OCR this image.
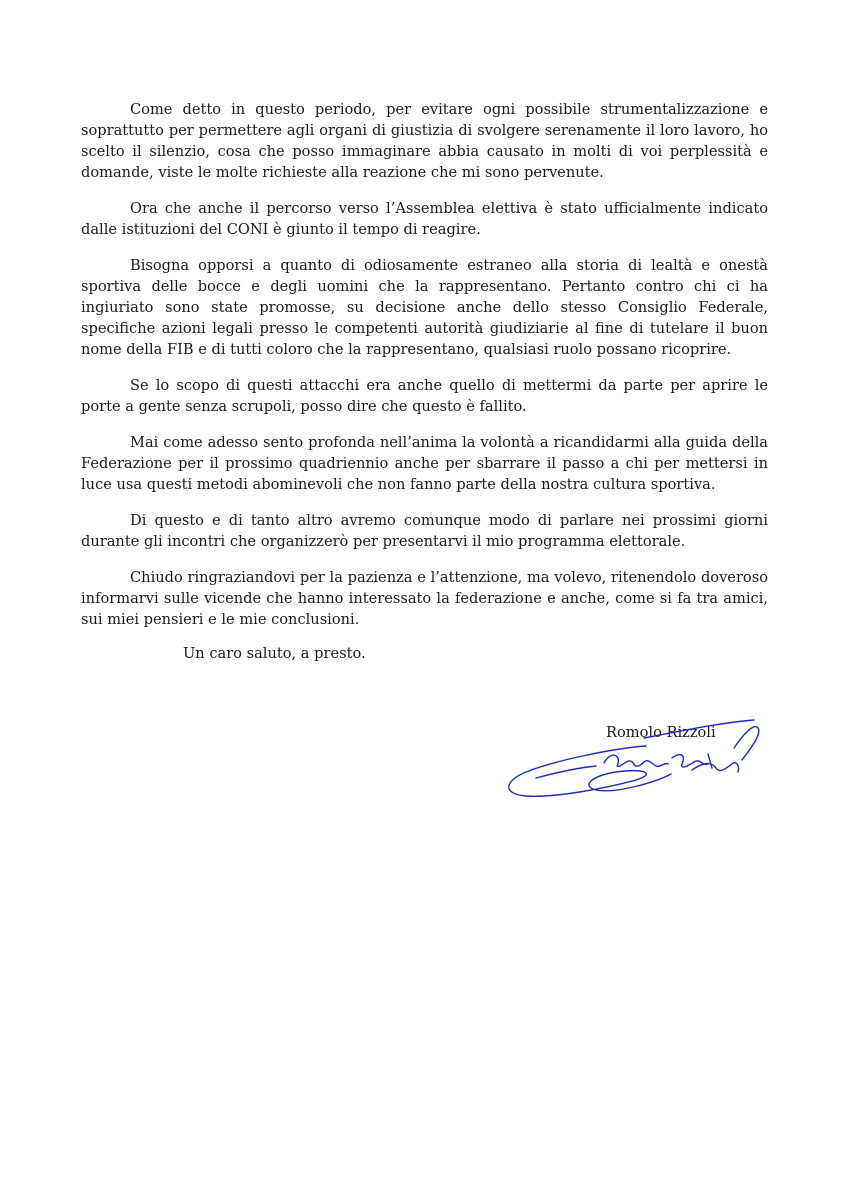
Come detto in questo periodo, per evitare ogni possibile strumentalizzazione e soprattutto per permettere agli organi di giustizia di svolgere serenamente il loro lavoro, ho scelto il silenzio, cosa che posso immaginare abbia causato in molti di voi perplessità e domande, viste le molte richieste alla reazione che mi sono pervenute.

Ora che anche il percorso verso l’Assemblea elettiva è stato ufficialmente indicato dalle istituzioni del CONI è giunto il tempo di reagire.

Bisogna opporsi a quanto di odiosamente estraneo alla storia di lealtà e onestà sportiva delle bocce e degli uomini che la rappresentano. Pertanto contro chi ci ha ingiuriato sono state promosse, su decisione anche dello stesso Consiglio Federale, specifiche azioni legali presso le competenti autorità giudiziarie al fine di tutelare il buon nome della FIB e di tutti coloro che la rappresentano, qualsiasi ruolo possano ricoprire.

Se lo scopo di questi attacchi era anche quello di mettermi da parte per aprire le porte a gente senza scrupoli, posso dire che questo è fallito.

Mai come adesso sento profonda nell’anima la volontà a ricandidarmi alla guida della Federazione per il prossimo quadriennio anche per sbarrare il passo a chi per mettersi in luce usa questi metodi abominevoli che non fanno parte della nostra cultura sportiva.

Di questo e di tanto altro avremo comunque modo di parlare nei prossimi giorni durante gli incontri che organizzerò per presentarvi il mio programma elettorale.

Chiudo ringraziandovi per la pazienza e l’attenzione, ma volevo, ritenendolo doveroso informarvi sulle vicende che hanno interessato la federazione e anche, come si fa tra amici, sui miei pensieri e le mie conclusioni.

Un caro saluto, a presto.
Romolo Rizzoli
